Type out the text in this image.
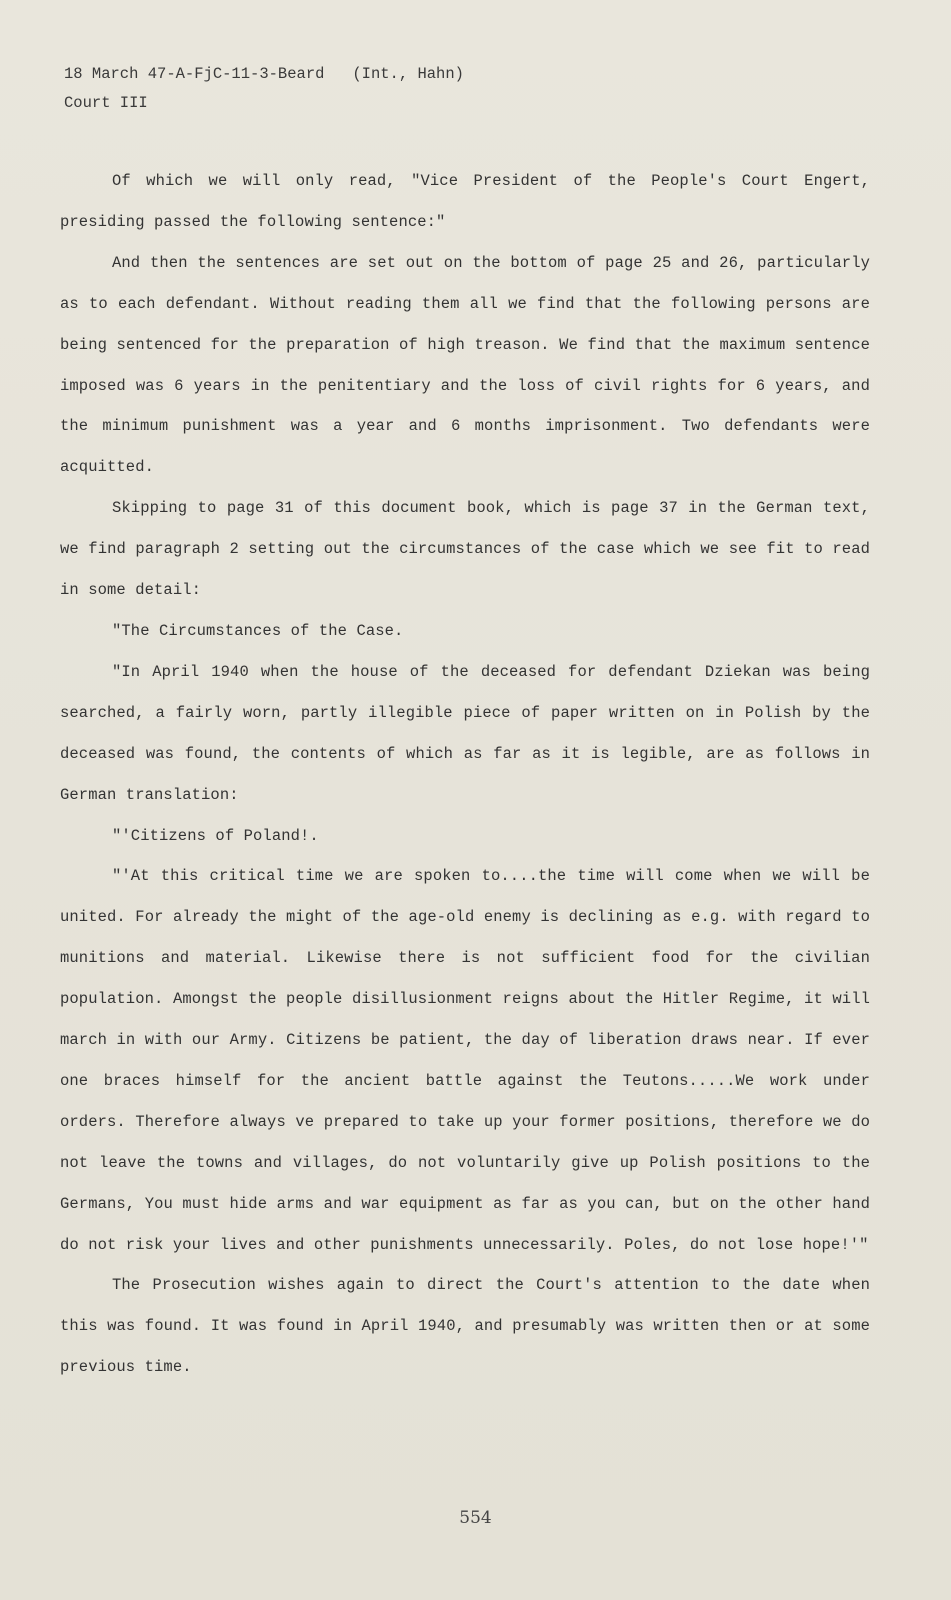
18 March 47-A-FjC-11-3-Beard   (Int., Hahn)
Court III

Of which we will only read, "Vice President of the People's Court Engert, presiding passed the following sentence:"

And then the sentences are set out on the bottom of page 25 and 26, particularly as to each defendant. Without reading them all we find that the following persons are being sentenced for the preparation of high treason. We find that the maximum sentence imposed was 6 years in the penitentiary and the loss of civil rights for 6 years, and the minimum punishment was a year and 6 months imprisonment. Two defendants were acquitted.

Skipping to page 31 of this document book, which is page 37 in the German text, we find paragraph 2 setting out the circumstances of the case which we see fit to read in some detail:

"The Circumstances of the Case.

"In April 1940 when the house of the deceased for defendant Dziekan was being searched, a fairly worn, partly illegible piece of paper written on in Polish by the deceased was found, the contents of which as far as it is legible, are as follows in German translation:

"'Citizens of Poland!.

"'At this critical time we are spoken to....the time will come when we will be united. For already the might of the age-old enemy is declining as e.g. with regard to munitions and material. Likewise there is not sufficient food for the civilian population. Amongst the people disillusionment reigns about the Hitler Regime, it will march in with our Army. Citizens be patient, the day of liberation draws near. If ever one braces himself for the ancient battle against the Teutons.....We work under orders. Therefore always ve prepared to take up your former positions, therefore we do not leave the towns and villages, do not voluntarily give up Polish positions to the Germans, You must hide arms and war equipment as far as you can, but on the other hand do not risk your lives and other punishments unnecessarily. Poles, do not lose hope!'"

The Prosecution wishes again to direct the Court's attention to the date when this was found. It was found in April 1940, and presumably was written then or at some previous time.

554
